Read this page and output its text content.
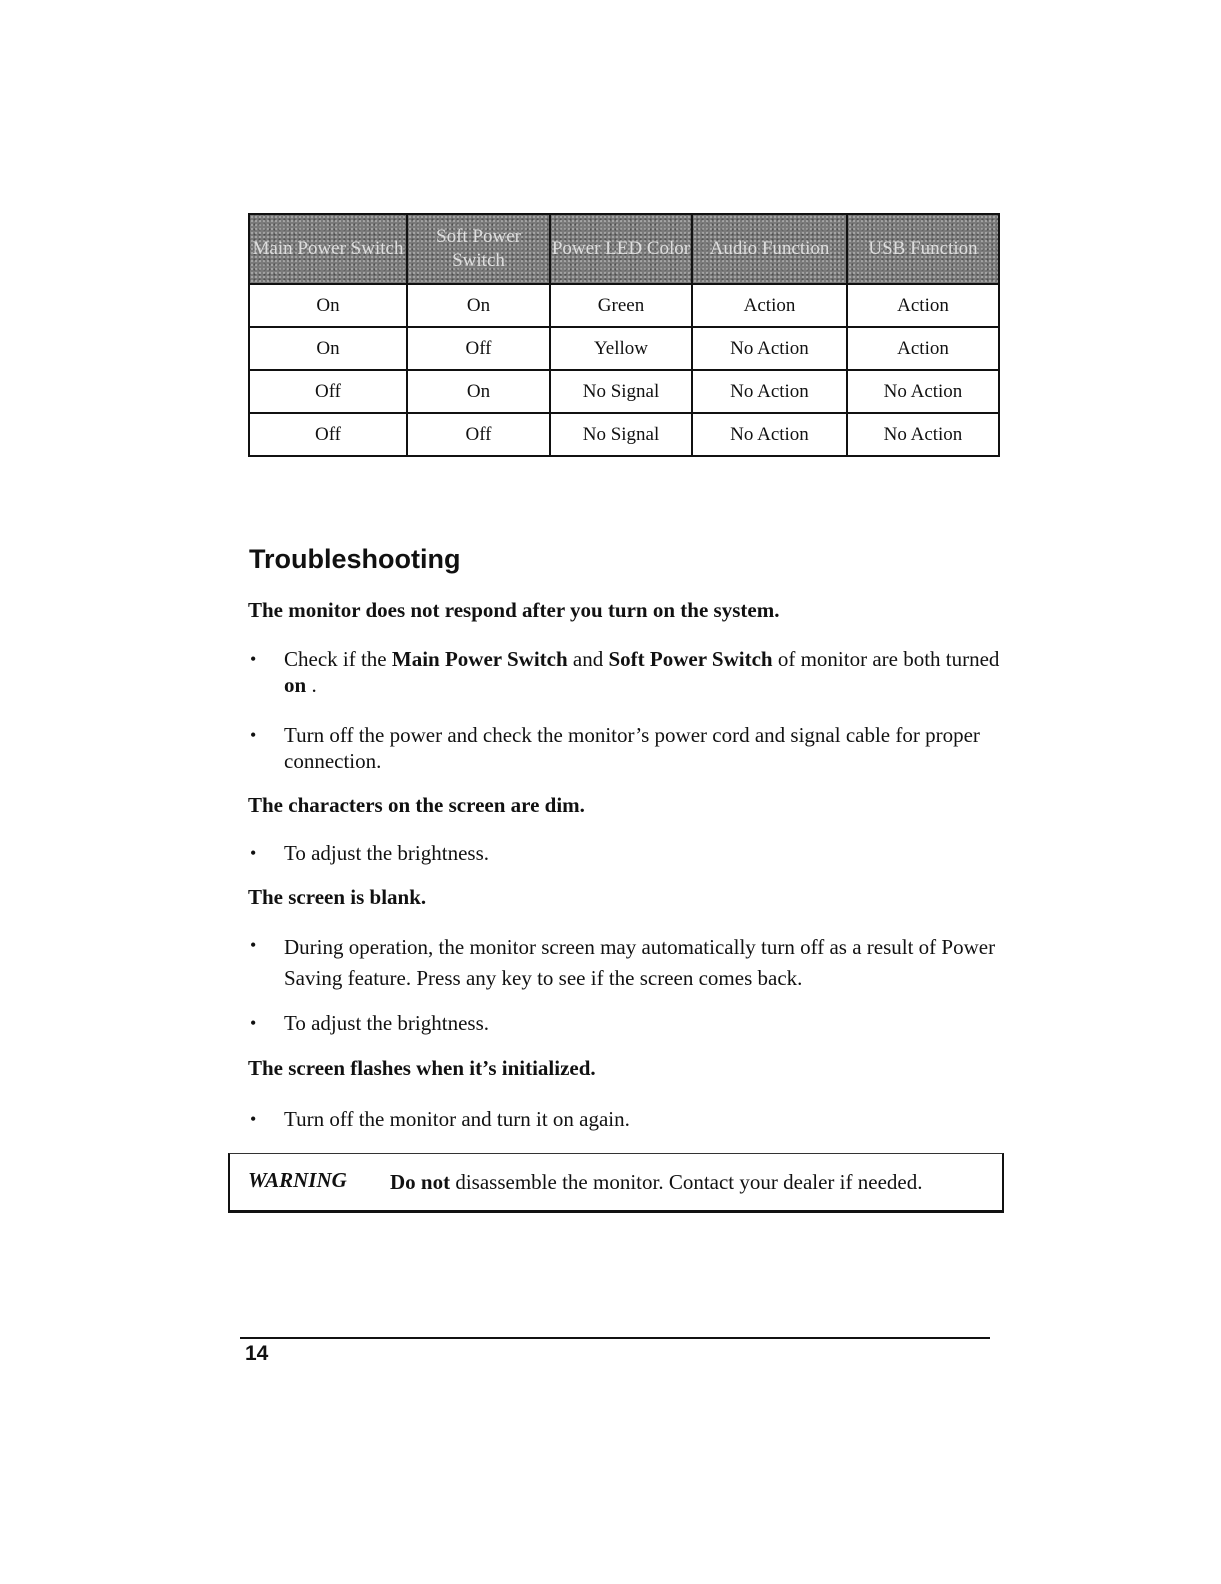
Main Power Switch	Soft Power Switch	Power LED Color	Audio Function	USB Function
On	On	Green	Action	Action
On	Off	Yellow	No Action	Action
Off	On	No Signal	No Action	No Action
Off	Off	No Signal	No Action	No Action
Troubleshooting
The monitor does not respond after you turn on the system.
• Check if the Main Power Switch and Soft Power Switch of monitor are both turned on .
• Turn off the power and check the monitor’s power cord and signal cable for proper connection.
The characters on the screen are dim.
• To adjust the brightness.
The screen is blank.
• During operation, the monitor screen may automatically turn off as a result of Power Saving feature. Press any key to see if the screen comes back.
• To adjust the brightness.
The screen flashes when it’s initialized.
• Turn off the monitor and turn it on again.
WARNING Do not disassemble the monitor. Contact your dealer if needed.
14
